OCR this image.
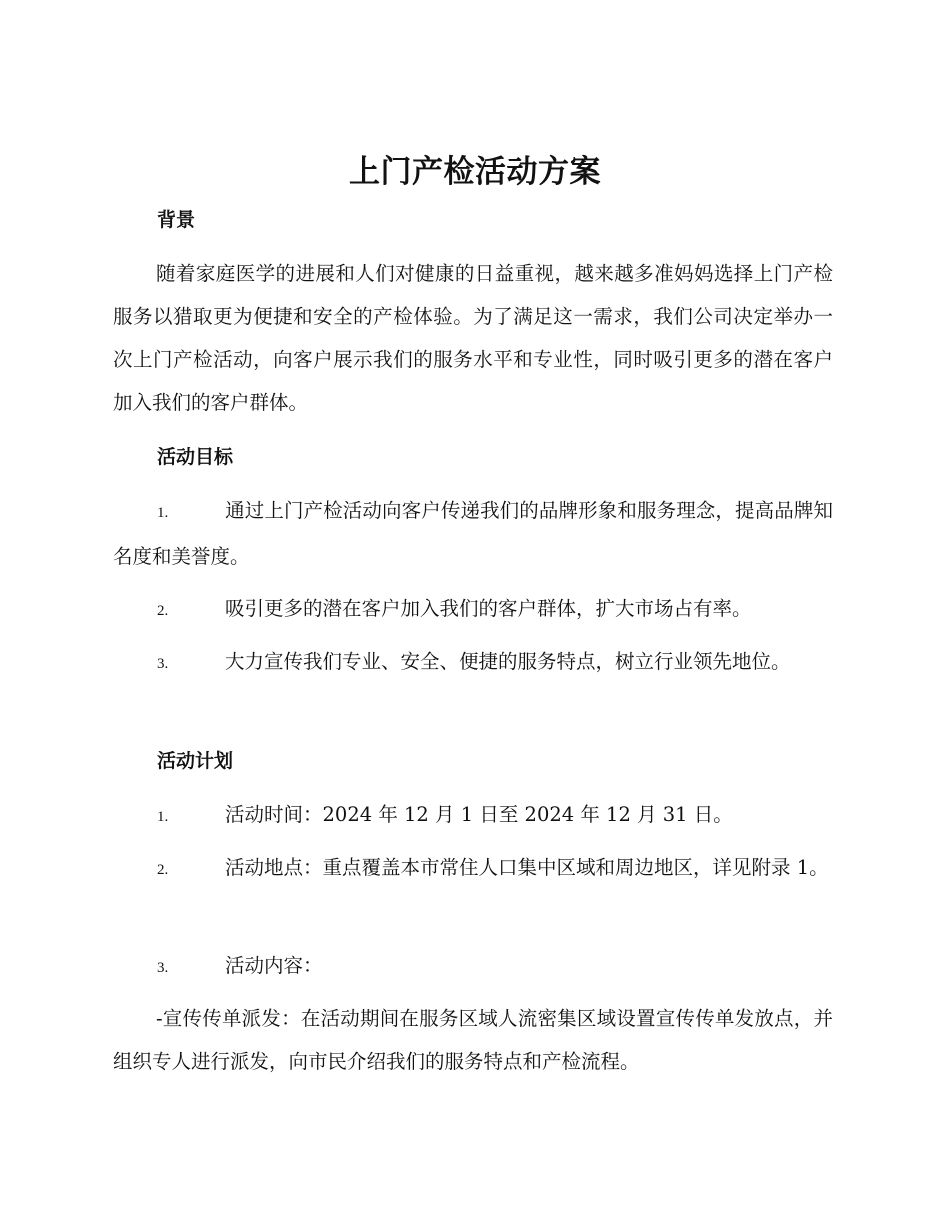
上门产检活动方案
背景
随着家庭医学的进展和人们对健康的日益重视，越来越多准妈妈选择上门产检服务以猎取更为便捷和安全的产检体验。为了满足这一需求，我们公司决定举办一次上门产检活动，向客户展示我们的服务水平和专业性，同时吸引更多的潜在客户加入我们的客户群体。
活动目标
1.	通过上门产检活动向客户传递我们的品牌形象和服务理念，提高品牌知名度和美誉度。
2.	吸引更多的潜在客户加入我们的客户群体，扩大市场占有率。
3.	大力宣传我们专业、安全、便捷的服务特点，树立行业领先地位。
活动计划
1.	活动时间：2024 年 12 月 1 日至 2024 年 12 月 31 日。
2.	活动地点：重点覆盖本市常住人口集中区域和周边地区，详见附录 1。
3.	活动内容：
-宣传传单派发：在活动期间在服务区域人流密集区域设置宣传传单发放点，并组织专人进行派发，向市民介绍我们的服务特点和产检流程。
